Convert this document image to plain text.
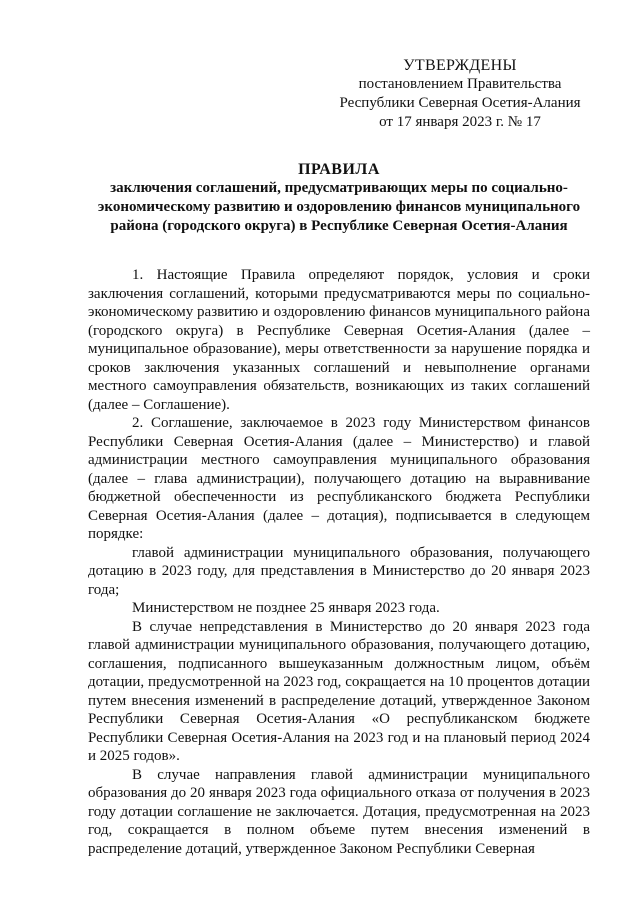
УТВЕРЖДЕНЫ
постановлением Правительства
Республики Северная Осетия-Алания
от 17 января 2023 г. № 17
ПРАВИЛА
заключения соглашений, предусматривающих меры по социально-экономическому развитию и оздоровлению финансов муниципального района (городского округа) в Республике Северная Осетия-Алания

1. Настоящие Правила определяют порядок, условия и сроки заключения соглашений, которыми предусматриваются меры по социально-экономическому развитию и оздоровлению финансов муниципального района (городского округа) в Республике Северная Осетия-Алания (далее – муниципальное образование), меры ответственности за нарушение порядка и сроков заключения указанных соглашений и невыполнение органами местного самоуправления обязательств, возникающих из таких соглашений (далее – Соглашение).

2. Соглашение, заключаемое в 2023 году Министерством финансов Республики Северная Осетия-Алания (далее – Министерство) и главой администрации местного самоуправления муниципального образования (далее – глава администрации), получающего дотацию на выравнивание бюджетной обеспеченности из республиканского бюджета Республики Северная Осетия-Алания (далее – дотация), подписывается в следующем порядке:

главой администрации муниципального образования, получающего дотацию в 2023 году, для представления в Министерство до 20 января 2023 года;

Министерством не позднее 25 января 2023 года.

В случае непредставления в Министерство до 20 января 2023 года главой администрации муниципального образования, получающего дотацию, соглашения, подписанного вышеуказанным должностным лицом, объём дотации, предусмотренной на 2023 год, сокращается на 10 процентов дотации путем внесения изменений в распределение дотаций, утвержденное Законом Республики Северная Осетия-Алания «О республиканском бюджете Республики Северная Осетия-Алания на 2023 год и на плановый период 2024 и 2025 годов».

В случае направления главой администрации муниципального образования до 20 января 2023 года официального отказа от получения в 2023 году дотации соглашение не заключается. Дотация, предусмотренная на 2023 год, сокращается в полном объеме путем внесения изменений в распределение дотаций, утвержденное Законом Республики Северная
